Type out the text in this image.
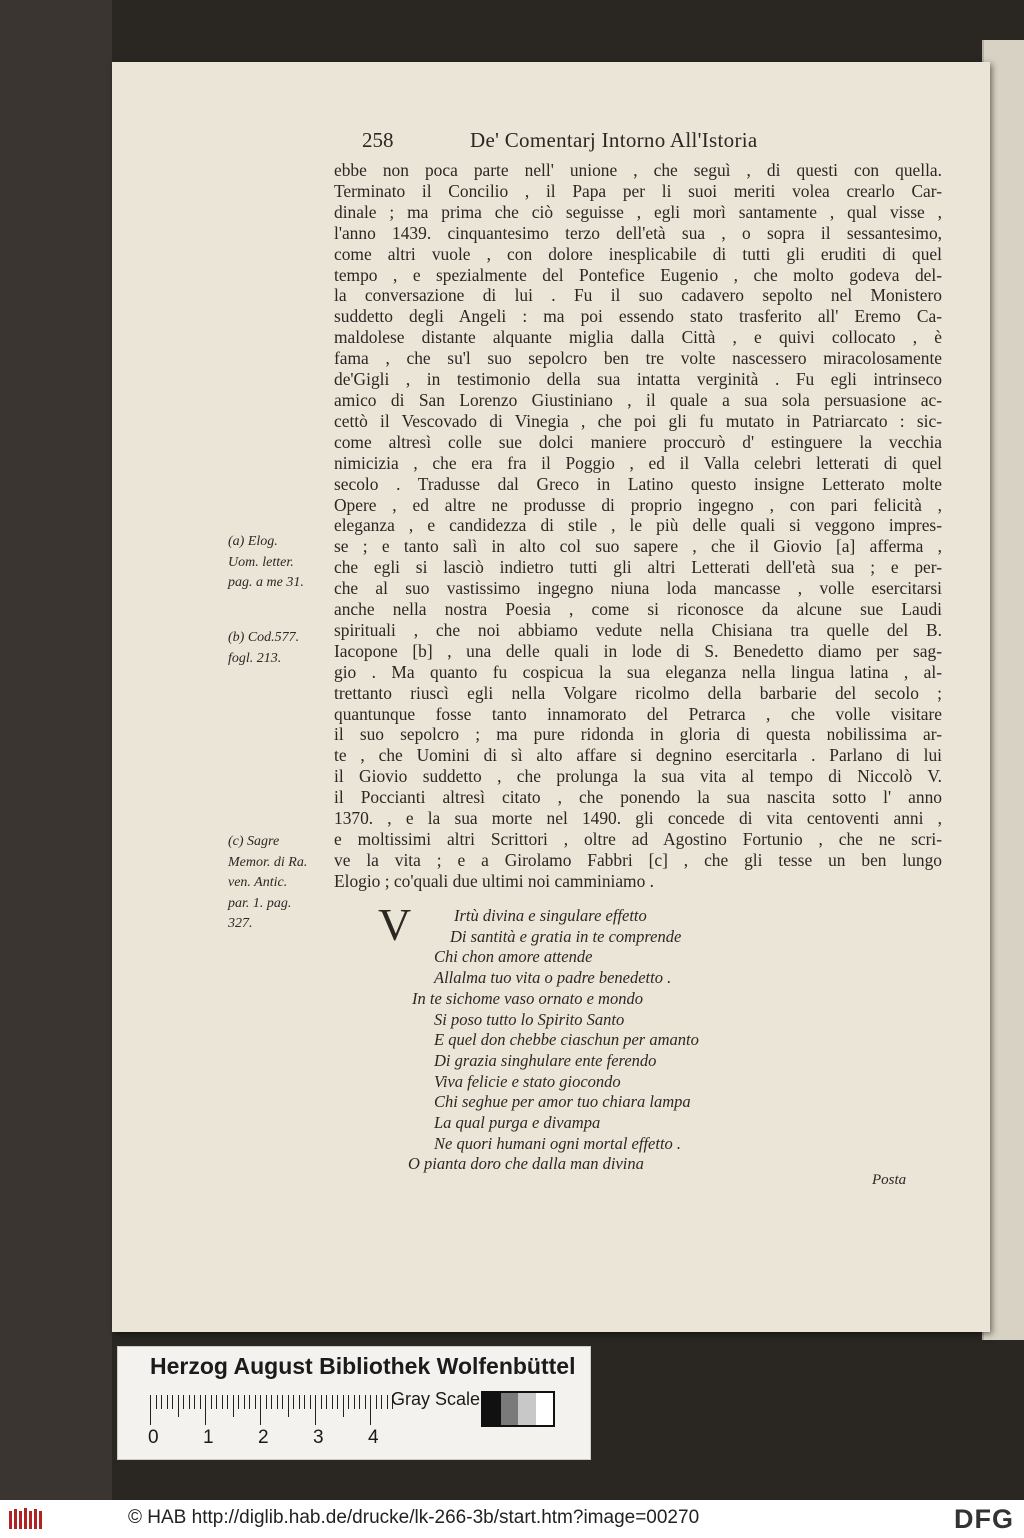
258	De' Comentarj Intorno All'Istoria
ebbe non poca parte nell' unione , che seguì , di questi con quella.
Terminato il Concilio , il Papa per li suoi meriti volea crearlo Car-
dinale ; ma prima che ciò seguisse , egli morì santamente , qual visse ,
l'anno 1439. cinquantesimo terzo dell'età sua , o sopra il sessantesimo,
come altri vuole , con dolore inesplicabile di tutti gli eruditi di quel
tempo , e spezialmente del Pontefice Eugenio , che molto godeva del-
la conversazione di lui . Fu il suo cadavero sepolto nel Monistero
suddetto degli Angeli : ma poi essendo stato trasferito all' Eremo Ca-
maldolese distante alquante miglia dalla Città , e quivi collocato , è
fama , che su'l suo sepolcro ben tre volte nascessero miracolosamente
de'Gigli , in testimonio della sua intatta verginità . Fu egli intrinseco
amico di San Lorenzo Giustiniano , il quale a sua sola persuasione ac-
cettò il Vescovado di Vinegia , che poi gli fu mutato in Patriarcato : sic-
come altresì colle sue dolci maniere proccurò d' estinguere la vecchia
nimicizia , che era fra il Poggio , ed il Valla celebri letterati di quel
secolo . Tradusse dal Greco in Latino questo insigne Letterato molte
Opere , ed altre ne produsse di proprio ingegno , con pari felicità ,
eleganza , e candidezza di stile , le più delle quali si veggono impres-
se ; e tanto salì in alto col suo sapere , che il Giovio [a] afferma ,
che egli si lasciò indietro tutti gli altri Letterati dell'età sua ; e per-
che al suo vastissimo ingegno niuna loda mancasse , volle esercitarsi
anche nella nostra Poesia , come si riconosce da alcune sue Laudi
spirituali , che noi abbiamo vedute nella Chisiana tra quelle del B.
Iacopone [b] , una delle quali in lode di S. Benedetto diamo per sag-
gio . Ma quanto fu cospicua la sua eleganza nella lingua latina , al-
trettanto riuscì egli nella Volgare ricolmo della barbarie del secolo ;
quantunque fosse tanto innamorato del Petrarca , che volle visitare
il suo sepolcro ; ma pure ridonda in gloria di questa nobilissima ar-
te , che Uomini di sì alto affare si degnino esercitarla . Parlano di lui
il Giovio suddetto , che prolunga la sua vita al tempo di Niccolò V.
il Poccianti altresì citato , che ponendo la sua nascita sotto l' anno
1370. , e la sua morte nel 1490. gli concede di vita centoventi anni ,
e moltissimi altri Scrittori , oltre ad Agostino Fortunio , che ne scri-
ve la vita ; e a Girolamo Fabbri [c] , che gli tesse un ben lungo
Elogio ; co'quali due ultimi noi camminiamo .
(a) Elog.
Uom. letter.
pag. a me 31.
(b) Cod.577.
fogl. 213.
(c) Sagre
Memor. di Ra.
ven. Antic.
par. 1. pag.
327.	V	Irtù divina e singulare effetto
Di santità e gratia in te comprende
Chi chon amore attende
Allalma tuo vita o padre benedetto .
In te sichome vaso ornato e mondo
Si poso tutto lo Spirito Santo
E quel don chebbe ciaschun per amanto
Di grazia singhulare ente ferendo
Viva felicie e stato giocondo
Chi seghue per amor tuo chiara lampa
La qual purga e divampa
Ne quori humani ogni mortal effetto .
O pianta doro che dalla man divina
Posta
Herzog August Bibliothek Wolfenbüttel
0 1 2 3 4
Gray Scale
© HAB http://diglib.hab.de/drucke/lk-266-3b/start.htm?image=00270	DFG
